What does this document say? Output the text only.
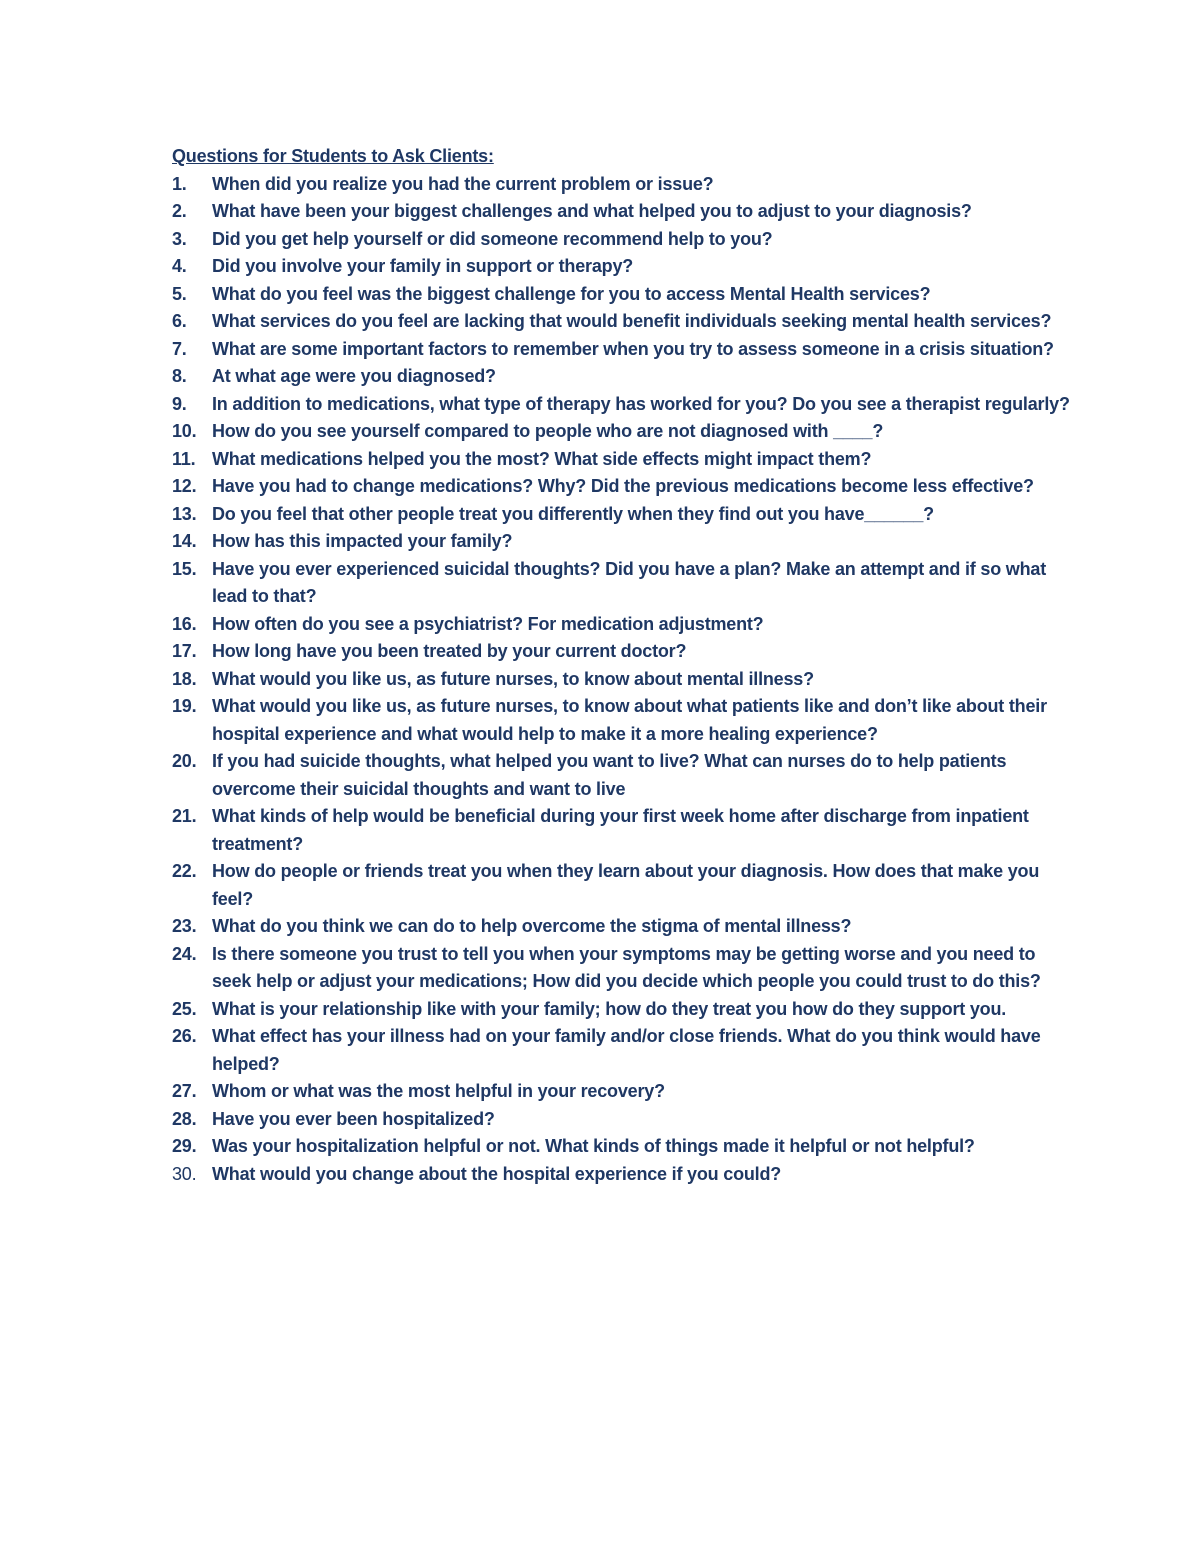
Questions for Students to Ask Clients:

1.	When did you realize you had the current problem or issue?
2.	What have been your biggest challenges and what helped you to adjust to your diagnosis?
3.	Did you get help yourself or did someone recommend help to you?
4.	Did you involve your family in support or therapy?
5.	What do you feel was the biggest challenge for you to access Mental Health services?
6.	What services do you feel are lacking that would benefit individuals seeking mental health services?
7.	What are some important factors to remember when you try to assess someone in a crisis situation?
8.	At what age were you diagnosed?
9.	In addition to medications, what type of therapy has worked for you? Do you see a therapist regularly?
10. How do you see yourself compared to people who are not diagnosed with ____?
11. What medications helped you the most? What side effects might impact them?
12. Have you had to change medications? Why? Did the previous medications become less effective?
13. Do you feel that other people treat you differently when they find out you have______?
14. How has this impacted your family?
15. Have you ever experienced suicidal thoughts? Did you have a plan? Make an attempt and if so what lead to that?
16. How often do you see a psychiatrist? For medication adjustment?
17. How long have you been treated by your current doctor?
18. What would you like us, as future nurses, to know about mental illness?
19. What would you like us, as future nurses, to know about what patients like and don’t like about their hospital experience and what would help to make it a more healing experience?
20. If you had suicide thoughts, what helped you want to live? What can nurses do to help patients overcome their suicidal thoughts and want to live
21. What kinds of help would be beneficial during your first week home after discharge from inpatient treatment?
22. How do people or friends treat you when they learn about your diagnosis. How does that make you feel?
23. What do you think we can do to help overcome the stigma of mental illness?
24. Is there someone you trust to tell you when your symptoms may be getting worse and you need to seek help or adjust your medications; How did you decide which people you could trust to do this?
25. What is your relationship like with your family; how do they treat you how do they support you.
26. What effect has your illness had on your family and/or close friends. What do you think would have helped?
27. Whom or what was the most helpful in your recovery?
28. Have you ever been hospitalized?
29. Was your hospitalization helpful or not. What kinds of things made it helpful or not helpful?
30. What would you change about the hospital experience if you could?
